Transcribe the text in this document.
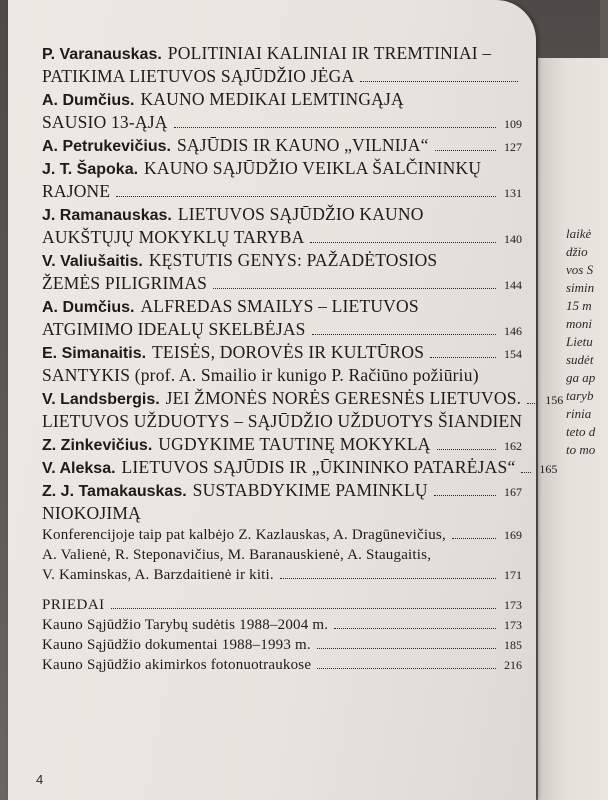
laikė
džio
vos S
simin
15 m
moni
Lietu
sudėt
ga ap
taryb
rinia
teto d
to mo
P. Varanauskas. POLITINIAI KALINIAI IR TREMTINIAI –
PATIKIMA LIETUVOS SĄJŪDŽIO JĖGA
A. Dumčius. KAUNO MEDIKAI LEMTINGĄJĄ
SAUSIO 13-ĄJĄ	109
A. Petrukevičius. SĄJŪDIS IR KAUNO „VILNIJA“	127
J. T. Šapoka. KAUNO SĄJŪDŽIO VEIKLA ŠALČININKŲ
RAJONE	131
J. Ramanauskas. LIETUVOS SĄJŪDŽIO KAUNO
AUKŠTŲJŲ MOKYKLŲ TARYBA	140
V. Valiušaitis. KĘSTUTIS GENYS: PAŽADĖTOSIOS
ŽEMĖS PILIGRIMAS	144
A. Dumčius. ALFREDAS SMAILYS – LIETUVOS
ATGIMIMO IDEALŲ SKELBĖJAS	146
E. Simanaitis. TEISĖS, DOROVĖS IR KULTŪROS	154
SANTYKIS (prof. A. Smailio ir kunigo P. Račiūno požiūriu)
V. Landsbergis. JEI ŽMONĖS NORĖS GERESNĖS LIETUVOS.	156
LIETUVOS UŽDUOTYS – SĄJŪDŽIO UŽDUOTYS ŠIANDIEN
Z. Zinkevičius. UGDYKIME TAUTINĘ MOKYKLĄ	162
V. Aleksa. LIETUVOS SĄJŪDIS IR „ŪKININKO PATARĖJAS“	165
Z. J. Tamakauskas. SUSTABDYKIME PAMINKLŲ	167
NIOKOJIMĄ
Konferencijoje taip pat kalbėjo Z. Kazlauskas, A. Dragūnevičius,	169
A. Valienė, R. Steponavičius, M. Baranauskienė, A. Staugaitis,
V. Kaminskas, A. Barzdaitienė ir kiti.	171
PRIEDAI	173
Kauno Sąjūdžio Tarybų sudėtis 1988–2004 m.	173
Kauno Sąjūdžio dokumentai 1988–1993 m.	185
Kauno Sąjūdžio akimirkos fotonuotraukose	216
4
